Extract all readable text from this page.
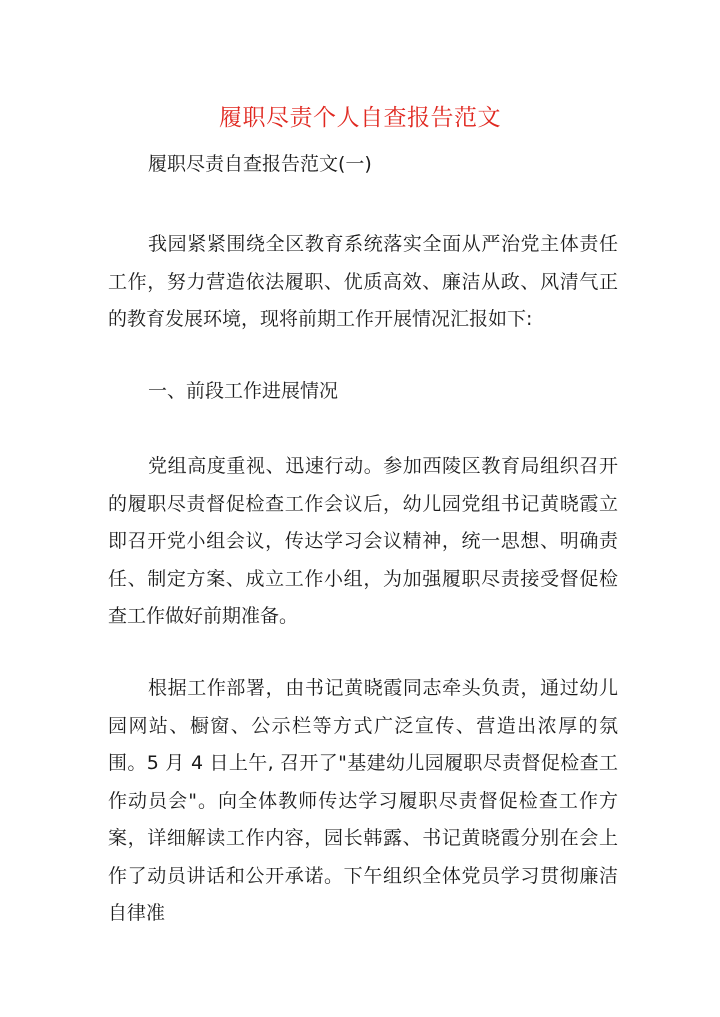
履职尽责个人自查报告范文

履职尽责自查报告范文(一)

我园紧紧围绕全区教育系统落实全面从严治党主体责任工作，努力营造依法履职、优质高效、廉洁从政、风清气正的教育发展环境，现将前期工作开展情况汇报如下:

一、前段工作进展情况

党组高度重视、迅速行动。参加西陵区教育局组织召开的履职尽责督促检查工作会议后，幼儿园党组书记黄晓霞立即召开党小组会议，传达学习会议精神，统一思想、明确责任、制定方案、成立工作小组，为加强履职尽责接受督促检查工作做好前期准备。

根据工作部署，由书记黄晓霞同志牵头负责，通过幼儿园网站、橱窗、公示栏等方式广泛宣传、营造出浓厚的氛围。5 月 4 日上午, 召开了"基建幼儿园履职尽责督促检查工作动员会"。向全体教师传达学习履职尽责督促检查工作方案，详细解读工作内容，园长韩露、书记黄晓霞分别在会上作了动员讲话和公开承诺。下午组织全体党员学习贯彻廉洁自律准
